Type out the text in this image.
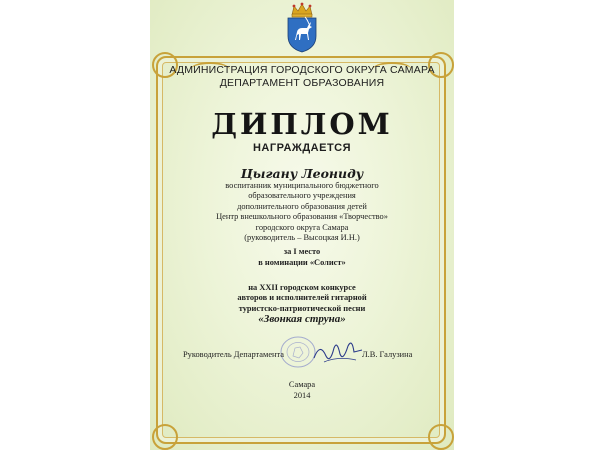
АДМИНИСТРАЦИЯ ГОРОДСКОГО ОКРУГА САМАРА
ДЕПАРТАМЕНТ ОБРАЗОВАНИЯ
ДИПЛОМ
НАГРАЖДАЕТСЯ
Цыгану Леониду
воспитанник муниципального бюджетного
образовательного учреждения
дополнительного образования детей
Центр внешкольного образования «Творчество»
городского округа Самара
(руководитель – Высоцкая И.Н.)
за I место
в номинации «Солист»
на XXII городском конкурсе
авторов и исполнителей гитарной
туристско-патриотической песни
«Звонкая струна»
Руководитель Департамента	Л.В. Галузина
Самара
2014
